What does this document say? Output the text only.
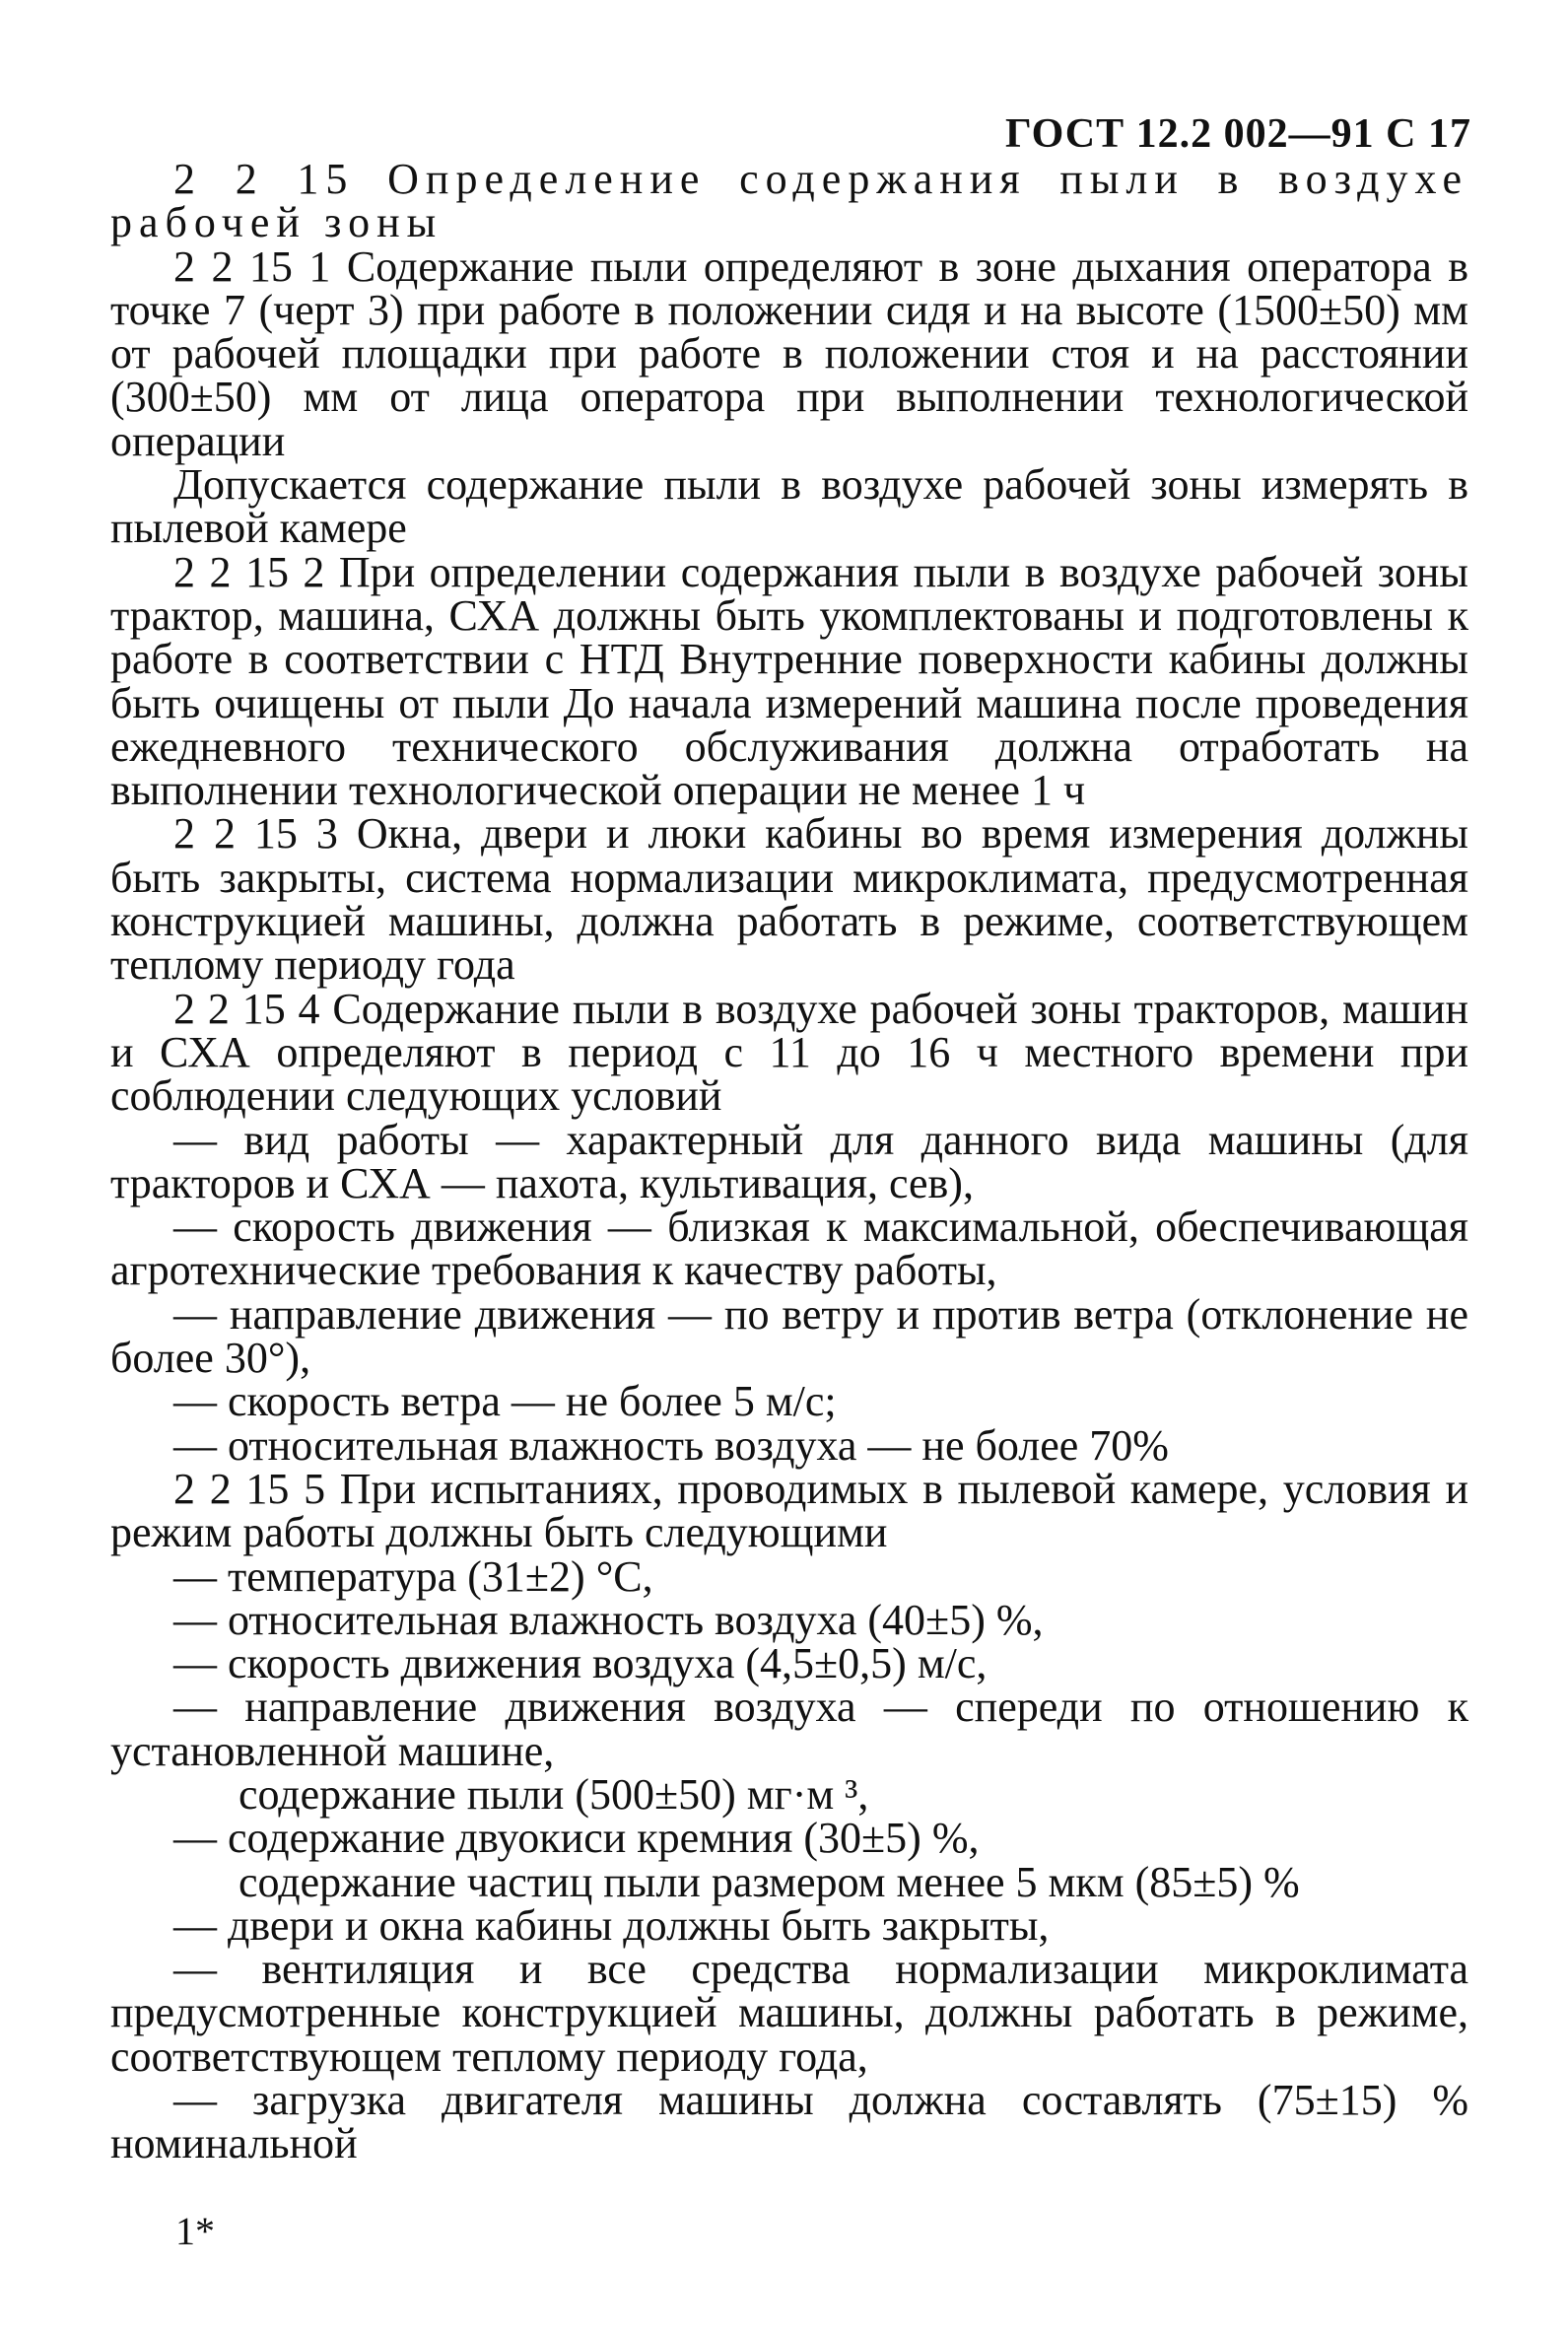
ГОСТ 12.2 002—91 С 17

2 2 15 Определение содержания пыли в воздухе рабочей зоны

2 2 15 1 Содержание пыли определяют в зоне дыхания оператора в точке 7 (черт 3) при работе в положении сидя и на высоте (1500±50) мм от рабочей площадки при работе в положении стоя и на расстоянии (300±50) мм от лица оператора при выполнении технологической операции

Допускается содержание пыли в воздухе рабочей зоны измерять в пылевой камере

2 2 15 2 При определении содержания пыли в воздухе рабочей зоны трактор, машина, СХА должны быть укомплектованы и подготовлены к работе в соответствии с НТД Внутренние поверхности кабины должны быть очищены от пыли До начала измерений машина после проведения ежедневного технического обслуживания должна отработать на выполнении технологической операции не менее 1 ч

2 2 15 3 Окна, двери и люки кабины во время измерения должны быть закрыты, система нормализации микроклимата, предусмотренная конструкцией машины, должна работать в режиме, соответствующем теплому периоду года

2 2 15 4 Содержание пыли в воздухе рабочей зоны тракторов, машин и СХА определяют в период с 11 до 16 ч местного времени при соблюдении следующих условий

— вид работы — характерный для данного вида машины (для тракторов и СХА — пахота, культивация, сев),

— скорость движения — близкая к максимальной, обеспечивающая агротехнические требования к качеству работы,

— направление движения — по ветру и против ветра (отклонение не более 30°),

— скорость ветра — не более 5 м/с;

— относительная влажность воздуха — не более 70%

2 2 15 5 При испытаниях, проводимых в пылевой камере, условия и режим работы должны быть следующими

— температура (31±2) °С,

— относительная влажность воздуха (40±5) %,

— скорость движения воздуха (4,5±0,5) м/с,

— направление движения воздуха — спереди по отношению к установленной машине,

содержание пыли (500±50) мг·м ³,

— содержание двуокиси кремния (30±5) %,

содержание частиц пыли размером менее 5 мкм (85±5) %

— двери и окна кабины должны быть закрыты,

— вентиляция и все средства нормализации микроклимата предусмотренные конструкцией машины, должны работать в режиме, соответствующем теплому периоду года,

— загрузка двигателя машины должна составлять (75±15) % номинальной

1*
